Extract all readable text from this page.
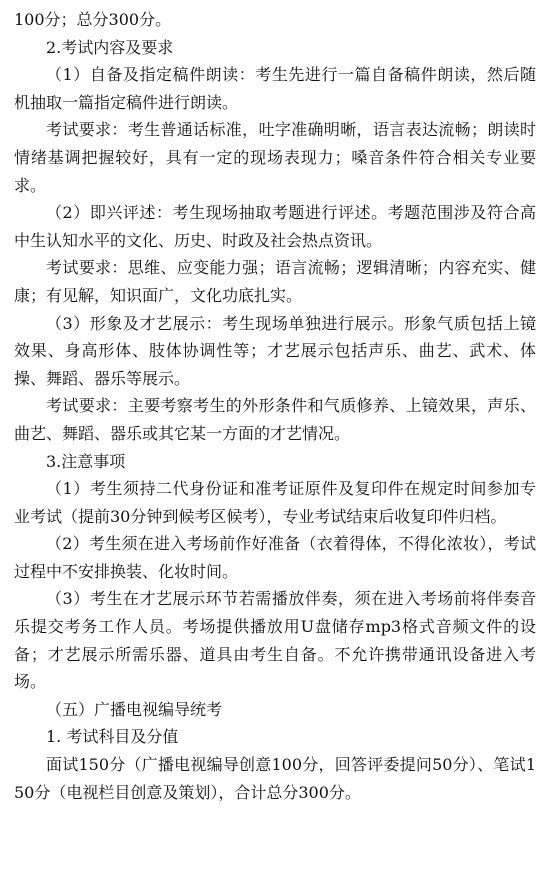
100分；总分300分。

2.考试内容及要求

（1）自备及指定稿件朗读：考生先进行一篇自备稿件朗读，然后随机抽取一篇指定稿件进行朗读。

考试要求：考生普通话标准，吐字准确明晰，语言表达流畅；朗读时情绪基调把握较好，具有一定的现场表现力；嗓音条件符合相关专业要求。

（2）即兴评述：考生现场抽取考题进行评述。考题范围涉及符合高中生认知水平的文化、历史、时政及社会热点资讯。

考试要求：思维、应变能力强；语言流畅；逻辑清晰；内容充实、健康；有见解，知识面广，文化功底扎实。

（3）形象及才艺展示：考生现场单独进行展示。形象气质包括上镜效果、身高形体、肢体协调性等；才艺展示包括声乐、曲艺、武术、体操、舞蹈、器乐等展示。

考试要求：主要考察考生的外形条件和气质修养、上镜效果，声乐、曲艺、舞蹈、器乐或其它某一方面的才艺情况。

3.注意事项

（1）考生须持二代身份证和准考证原件及复印件在规定时间参加专业考试（提前30分钟到候考区候考），专业考试结束后收复印件归档。

（2）考生须在进入考场前作好准备（衣着得体，不得化浓妆），考试过程中不安排换装、化妆时间。

（3）考生在才艺展示环节若需播放伴奏，须在进入考场前将伴奏音乐提交考务工作人员。考场提供播放用U盘储存mp3格式音频文件的设备；才艺展示所需乐器、道具由考生自备。不允许携带通讯设备进入考场。

（五）广播电视编导统考

1. 考试科目及分值

面试150分（广播电视编导创意100分，回答评委提问50分）、笔试150分（电视栏目创意及策划），合计总分300分。
